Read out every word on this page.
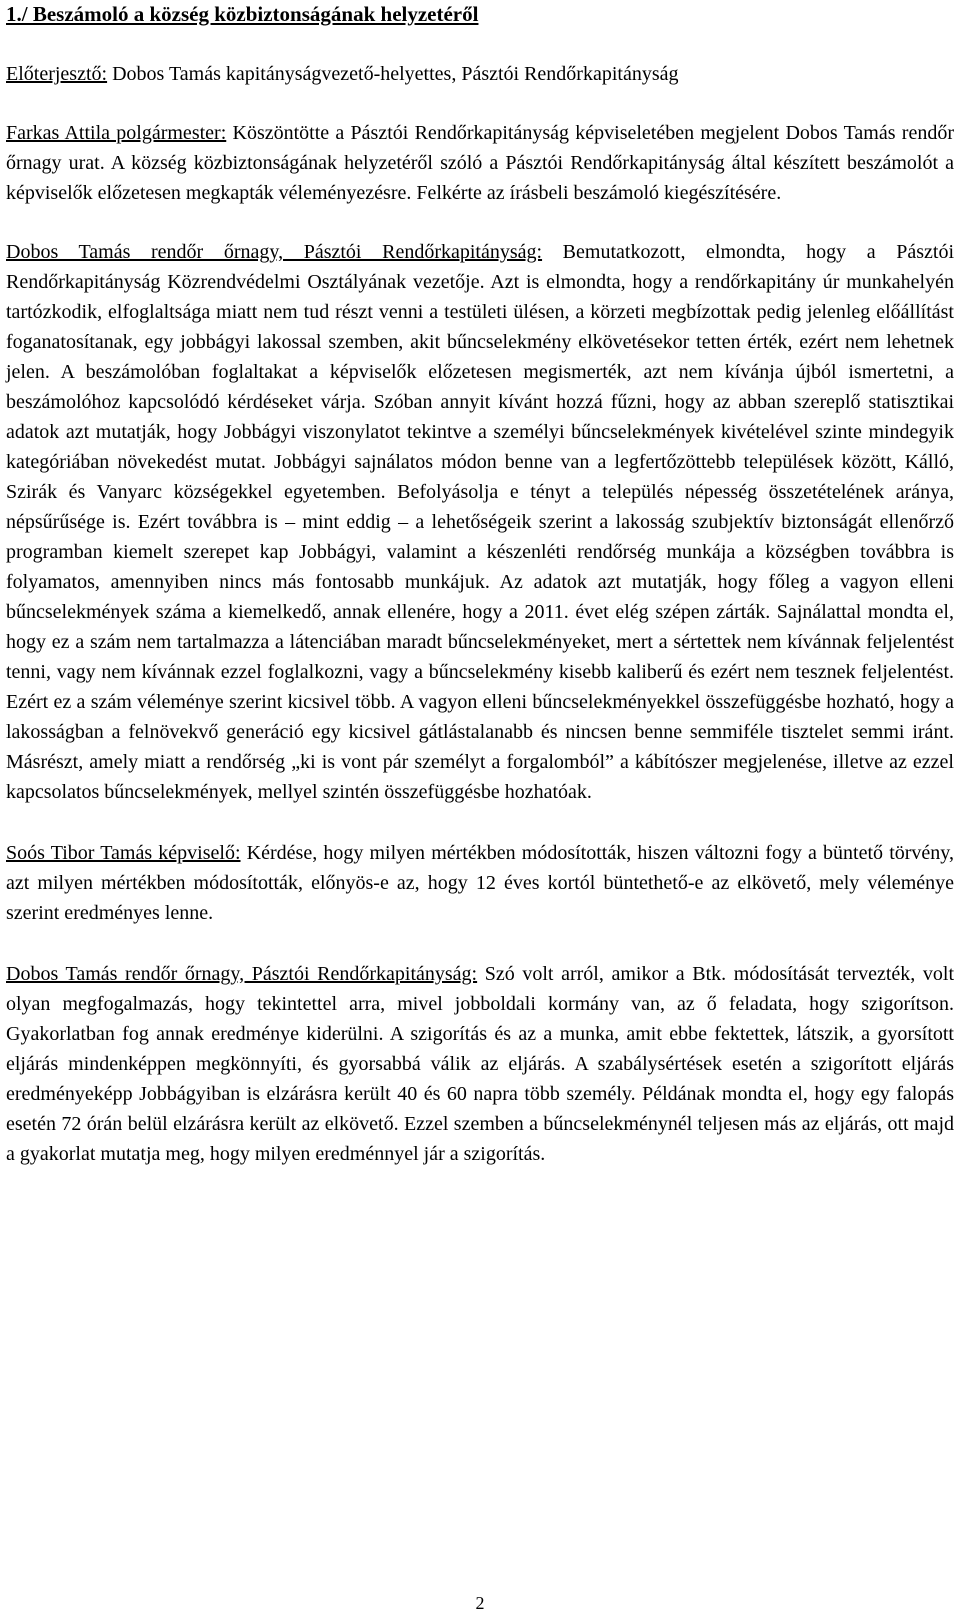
1./ Beszámoló a község közbiztonságának helyzetéről

Előterjesztő: Dobos Tamás kapitányságvezető-helyettes, Pásztói Rendőrkapitányság

Farkas Attila polgármester: Köszöntötte a Pásztói Rendőrkapitányság képviseletében megjelent Dobos Tamás rendőr őrnagy urat. A község közbiztonságának helyzetéről szóló a Pásztói Rendőrkapitányság által készített beszámolót a képviselők előzetesen megkapták véleményezésre. Felkérte az írásbeli beszámoló kiegészítésére.

Dobos Tamás rendőr őrnagy, Pásztói Rendőrkapitányság: Bemutatkozott, elmondta, hogy a Pásztói Rendőrkapitányság Közrendvédelmi Osztályának vezetője. Azt is elmondta, hogy a rendőrkapitány úr munkahelyén tartózkodik, elfoglaltsága miatt nem tud részt venni a testületi ülésen, a körzeti megbízottak pedig jelenleg előállítást foganatosítanak, egy jobbágyi lakossal szemben, akit bűncselekmény elkövetésekor tetten érték, ezért nem lehetnek jelen. A beszámolóban foglaltakat a képviselők előzetesen megismerték, azt nem kívánja újból ismertetni, a beszámolóhoz kapcsolódó kérdéseket várja. Szóban annyit kívánt hozzá fűzni, hogy az abban szereplő statisztikai adatok azt mutatják, hogy Jobbágyi viszonylatot tekintve a személyi bűncselekmények kivételével szinte mindegyik kategóriában növekedést mutat. Jobbágyi sajnálatos módon benne van a legfertőzöttebb települések között, Kálló, Szirák és Vanyarc községekkel egyetemben. Befolyásolja e tényt a település népesség összetételének aránya, népsűrűsége is. Ezért továbbra is – mint eddig – a lehetőségeik szerint a lakosság szubjektív biztonságát ellenőrző programban kiemelt szerepet kap Jobbágyi, valamint a készenléti rendőrség munkája a községben továbbra is folyamatos, amennyiben nincs más fontosabb munkájuk. Az adatok azt mutatják, hogy főleg a vagyon elleni bűncselekmények száma a kiemelkedő, annak ellenére, hogy a 2011. évet elég szépen zárták. Sajnálattal mondta el, hogy ez a szám nem tartalmazza a látenciában maradt bűncselekményeket, mert a sértettek nem kívánnak feljelentést tenni, vagy nem kívánnak ezzel foglalkozni, vagy a bűncselekmény kisebb kaliberű és ezért nem tesznek feljelentést. Ezért ez a szám véleménye szerint kicsivel több. A vagyon elleni bűncselekményekkel összefüggésbe hozható, hogy a lakosságban a felnövekvő generáció egy kicsivel gátlástalanabb és nincsen benne semmiféle tisztelet semmi iránt. Másrészt, amely miatt a rendőrség „ki is vont pár személyt a forgalomból” a kábítószer megjelenése, illetve az ezzel kapcsolatos bűncselekmények, mellyel szintén összefüggésbe hozhatóak.

Soós Tibor Tamás képviselő: Kérdése, hogy milyen mértékben módosították, hiszen változni fogy a büntető törvény, azt milyen mértékben módosították, előnyös-e az, hogy 12 éves kortól büntethető-e az elkövető, mely véleménye szerint eredményes lenne.

Dobos Tamás rendőr őrnagy, Pásztói Rendőrkapitányság: Szó volt arról, amikor a Btk. módosítását tervezték, volt olyan megfogalmazás, hogy tekintettel arra, mivel jobboldali kormány van, az ő feladata, hogy szigorítson. Gyakorlatban fog annak eredménye kiderülni. A szigorítás és az a munka, amit ebbe fektettek, látszik, a gyorsított eljárás mindenképpen megkönnyíti, és gyorsabbá válik az eljárás. A szabálysértések esetén a szigorított eljárás eredményeképp Jobbágyiban is elzárásra került 40 és 60 napra több személy. Példának mondta el, hogy egy falopás esetén 72 órán belül elzárásra került az elkövető. Ezzel szemben a bűncselekménynél teljesen más az eljárás, ott majd a gyakorlat mutatja meg, hogy milyen eredménnyel jár a szigorítás.

2
